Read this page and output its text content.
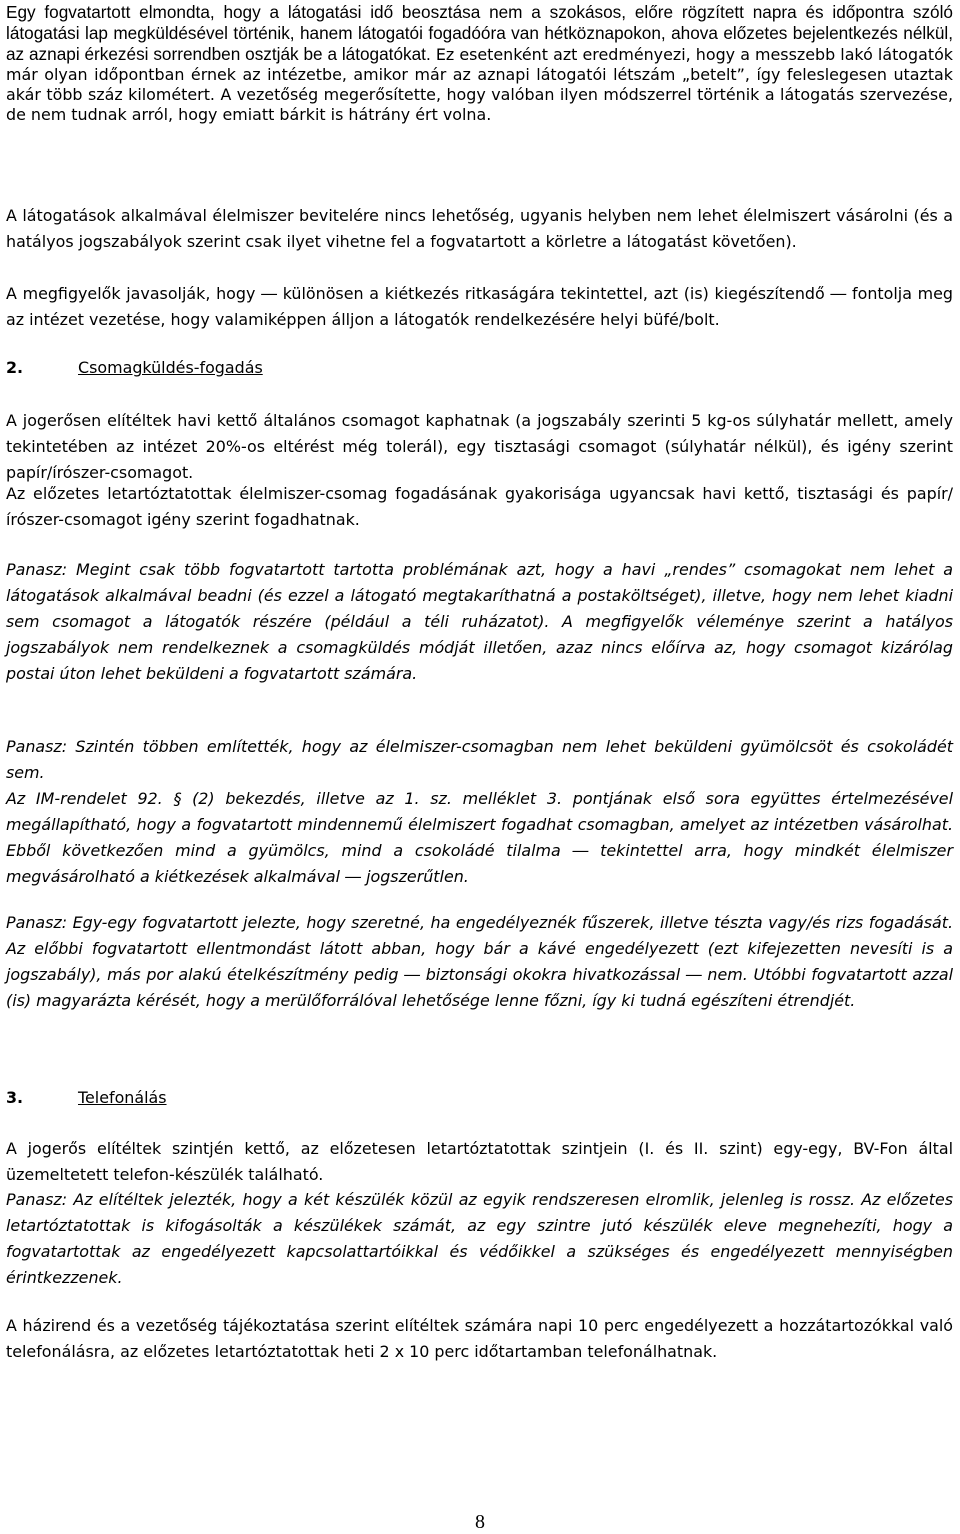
Egy fogvatartott elmondta, hogy a látogatási idő beosztása nem a szokásos, előre rögzített napra és időpontra szóló látogatási lap megküldésével történik, hanem látogatói fogadóóra van hétköznapokon, ahova előzetes bejelentkezés nélkül, az aznapi érkezési sorrendben osztják be a látogatókat. Ez esetenként azt eredményezi, hogy a messzebb lakó látogatók már olyan időpontban érnek az intézetbe, amikor már az aznapi látogatói létszám „betelt”, így feleslegesen utaztak akár több száz kilométert. A vezetőség megerősítette, hogy valóban ilyen módszerrel történik a látogatás szervezése, de nem tudnak arról, hogy emiatt bárkit is hátrány ért volna.

A látogatások alkalmával élelmiszer bevitelére nincs lehetőség, ugyanis helyben nem lehet élelmiszert vásárolni (és a hatályos jogszabályok szerint csak ilyet vihetne fel a fogvatartott a körletre a látogatást követően).

A megfigyelők javasolják, hogy ― különösen a kiétkezés ritkaságára tekintettel, azt (is) kiegészítendő ― fontolja meg az intézet vezetése, hogy valamiképpen álljon a látogatók rendelkezésére helyi büfé/bolt.

2.	Csomagküldés-fogadás

A jogerősen elítéltek havi kettő általános csomagot kaphatnak (a jogszabály szerinti 5 kg-os súlyhatár mellett, amely tekintetében az intézet 20%-os eltérést még tolerál), egy tisztasági csomagot (súlyhatár nélkül), és igény szerint papír/írószer-csomagot.

Az előzetes letartóztatottak élelmiszer-csomag fogadásának gyakorisága ugyancsak havi kettő, tisztasági és papír/írószer-csomagot igény szerint fogadhatnak.

Panasz: Megint csak több fogvatartott tartotta problémának azt, hogy a havi „rendes” csomagokat nem lehet a látogatások alkalmával beadni (és ezzel a látogató megtakaríthatná a postaköltséget), illetve, hogy nem lehet kiadni sem csomagot a látogatók részére (például a téli ruházatot). A megfigyelők véleménye szerint a hatályos jogszabályok nem rendelkeznek a csomagküldés módját illetően, azaz nincs előírva az, hogy csomagot kizárólag postai úton lehet beküldeni a fogvatartott számára.

Panasz: Szintén többen említették, hogy az élelmiszer-csomagban nem lehet beküldeni gyümölcsöt és csokoládét sem.

Az IM-rendelet 92. § (2) bekezdés, illetve az 1. sz. melléklet 3. pontjának első sora együttes értelmezésével megállapítható, hogy a fogvatartott mindennemű élelmiszert fogadhat csomagban, amelyet az intézetben vásárolhat. Ebből következően mind a gyümölcs, mind a csokoládé tilalma ― tekintettel arra, hogy mindkét élelmiszer megvásárolható a kiétkezések alkalmával ― jogszerűtlen.

Panasz: Egy-egy fogvatartott jelezte, hogy szeretné, ha engedélyeznék fűszerek, illetve tészta vagy/és rizs fogadását. Az előbbi fogvatartott ellentmondást látott abban, hogy bár a kávé engedélyezett (ezt kifejezetten nevesíti is a jogszabály), más por alakú ételkészítmény pedig ― biztonsági okokra hivatkozással ― nem. Utóbbi fogvatartott azzal (is) magyarázta kérését, hogy a merülőforrálóval lehetősége lenne főzni, így ki tudná egészíteni étrendjét.

3.	Telefonálás

A jogerős elítéltek szintjén kettő, az előzetesen letartóztatottak szintjein (I. és II. szint) egy-egy, BV-Fon által üzemeltetett telefon-készülék található.

Panasz: Az elítéltek jelezték, hogy a két készülék közül az egyik rendszeresen elromlik, jelenleg is rossz. Az előzetes letartóztatottak is kifogásolták a készülékek számát, az egy szintre jutó készülék eleve megnehezíti, hogy a fogvatartottak az engedélyezett kapcsolattartóikkal és védőikkel a szükséges és engedélyezett mennyiségben érintkezzenek.

A házirend és a vezetőség tájékoztatása szerint elítéltek számára napi 10 perc engedélyezett a hozzátartozókkal való telefonálásra, az előzetes letartóztatottak heti 2 x 10 perc időtartamban telefonálhatnak.

8
